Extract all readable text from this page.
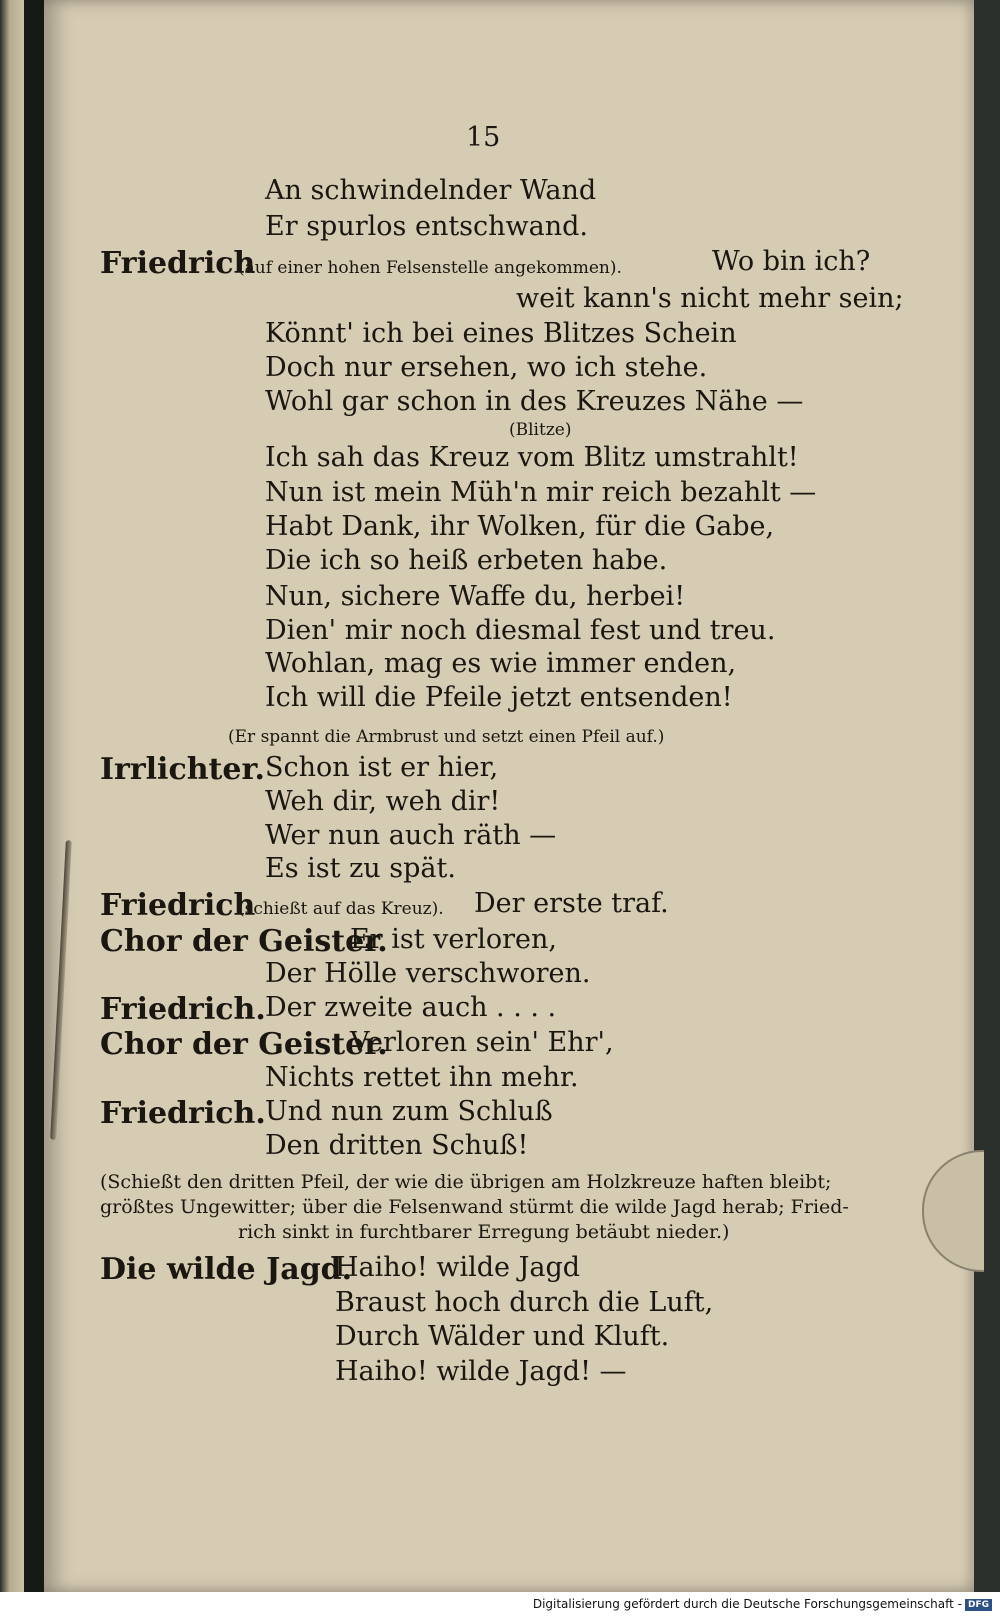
15
An schwindelnder Wand
Er spurlos entschwand.
Friedrich
(auf einer hohen Felsenstelle angekommen).	Wo bin ich?
weit kann's nicht mehr sein;
Könnt' ich bei eines Blitzes Schein
Doch nur ersehen, wo ich stehe.
Wohl gar schon in des Kreuzes Nähe —
(Blitze)
Ich sah das Kreuz vom Blitz umstrahlt!
Nun ist mein Müh'n mir reich bezahlt —
Habt Dank, ihr Wolken, für die Gabe,
Die ich so heiß erbeten habe.
Nun, sichere Waffe du, herbei!
Dien' mir noch diesmal fest und treu.
Wohlan, mag es wie immer enden,
Ich will die Pfeile jetzt entsenden!
(Er spannt die Armbrust und setzt einen Pfeil auf.)
Irrlichter. Schon ist er hier,
Weh dir, weh dir!
Wer nun auch räth —
Es ist zu spät.
Friedrich
(schießt auf das Kreuz). Der erste traf.
Chor der Geister.
Er ist verloren,
Der Hölle verschworen.
Friedrich. Der zweite auch . . . .
Chor der Geister.
Verloren sein' Ehr',
Nichts rettet ihn mehr.
Friedrich. Und nun zum Schluß
Den dritten Schuß!
(Schießt den dritten Pfeil, der wie die übrigen am Holzkreuze haften bleibt;
größtes Ungewitter; über die Felsenwand stürmt die wilde Jagd herab; Fried-
rich sinkt in furchtbarer Erregung betäubt nieder.)
Die wilde Jagd.
Haiho! wilde Jagd
Braust hoch durch die Luft,
Durch Wälder und Kluft.
Haiho! wilde Jagd! —
Digitalisierung gefördert durch die Deutsche Forschungsgemeinschaft - DFG
